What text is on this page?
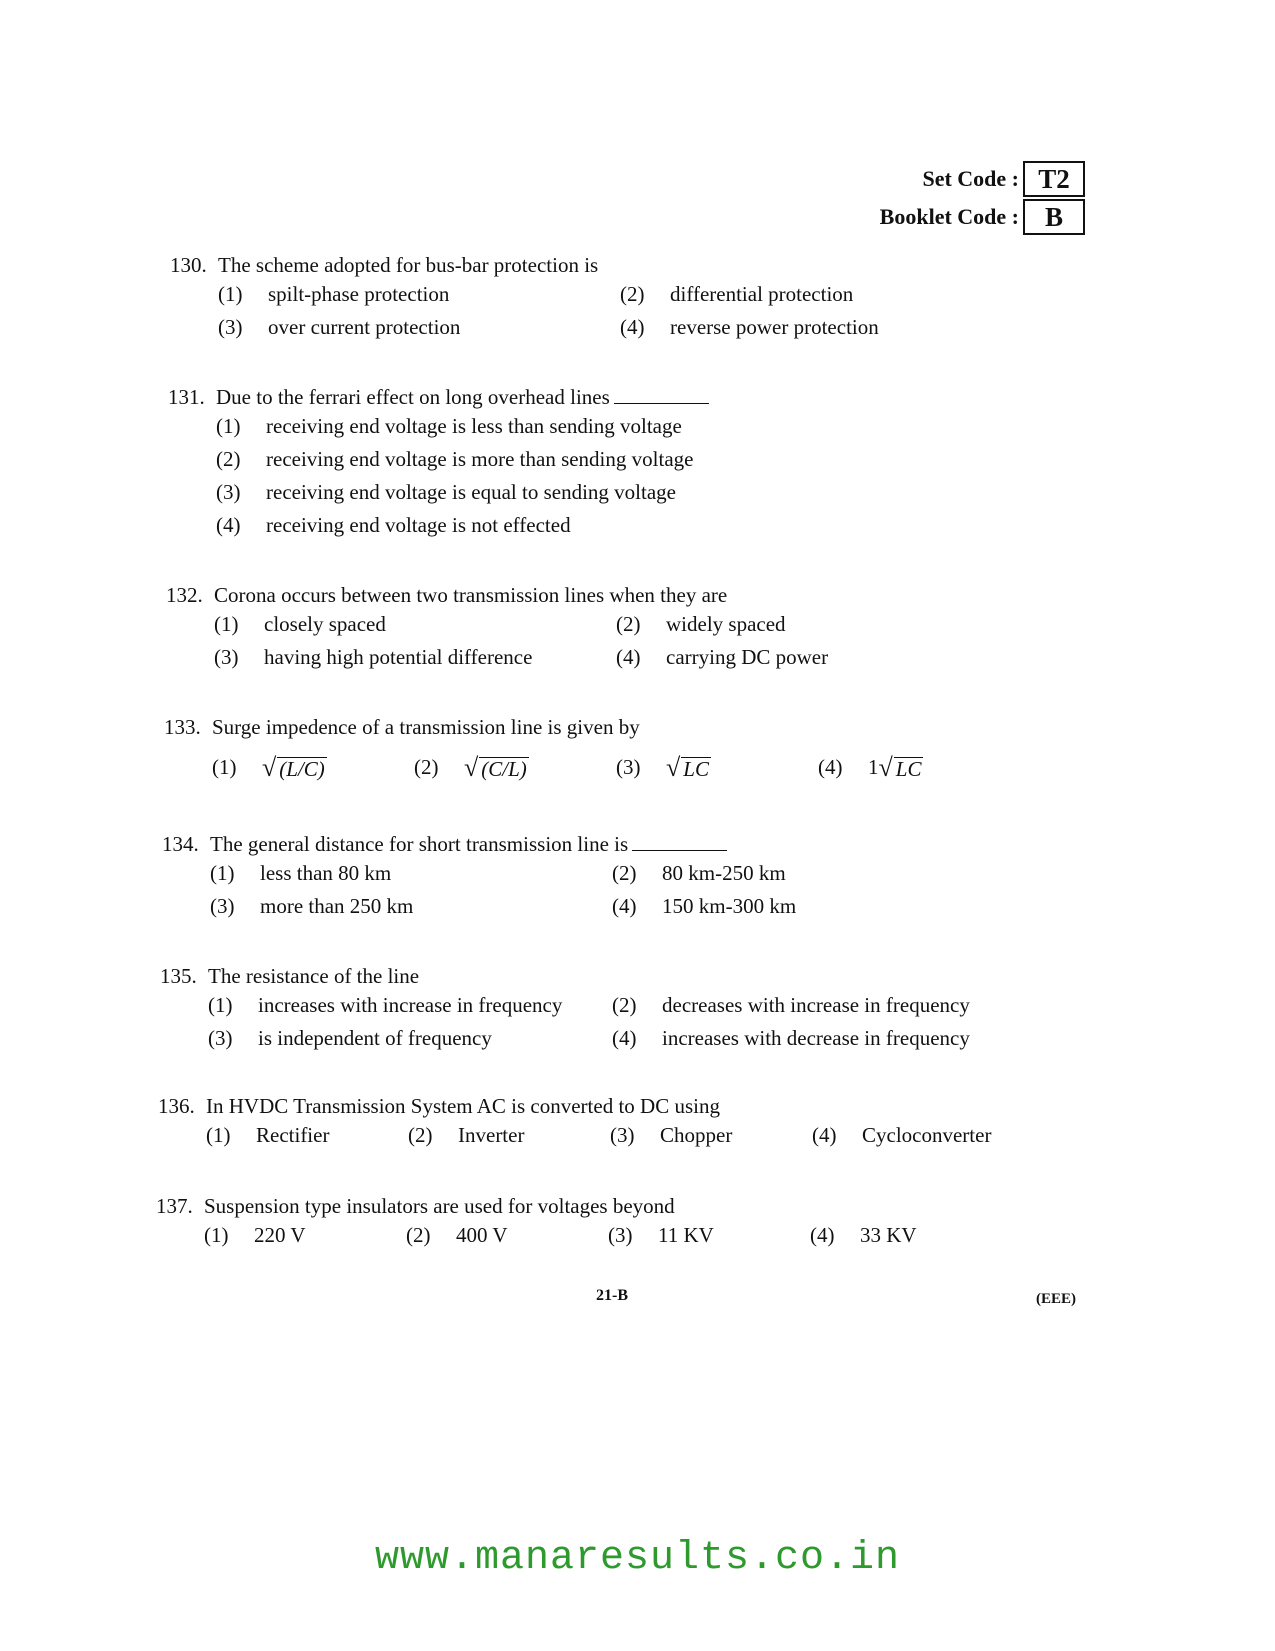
Set Code : T2
Booklet Code : B
130. The scheme adopted for bus-bar protection is
(1)	spilt-phase protection	(2)	differential protection
(3)	over current protection	(4)	reverse power protection
131. Due to the ferrari effect on long overhead lines
(1)	receiving end voltage is less than sending voltage
(2)	receiving end voltage is more than sending voltage
(3)	receiving end voltage is equal to sending voltage
(4)	receiving end voltage is not effected
132. Corona occurs between two transmission lines when they are
(1)	closely spaced	(2)	widely spaced
(3)	having high potential difference	(4)	carrying DC power
133. Surge impedence of a transmission line is given by
(1) √ (L/C)	(2) √ (C/L)	(3) √ LC	(4)	1 √ LC
134. The general distance for short transmission line is
(1)	less than 80 km	(2)	80 km-250 km
(3)	more than 250 km	(4)	150 km-300 km
135. The resistance of the line
(1)	increases with increase in frequency (2)	decreases with increase in frequency
(3)	is independent of frequency	(4)	increases with decrease in frequency
136. In HVDC Transmission System AC is converted to DC using
(1)	Rectifier	(2)	Inverter	(3)	Chopper	(4)	Cycloconverter
137. Suspension type insulators are used for voltages beyond
(1)	220 V	(2)	400 V	(3)	11 KV	(4)	33 KV
21-B	(EEE)
www.manaresults.co.in
